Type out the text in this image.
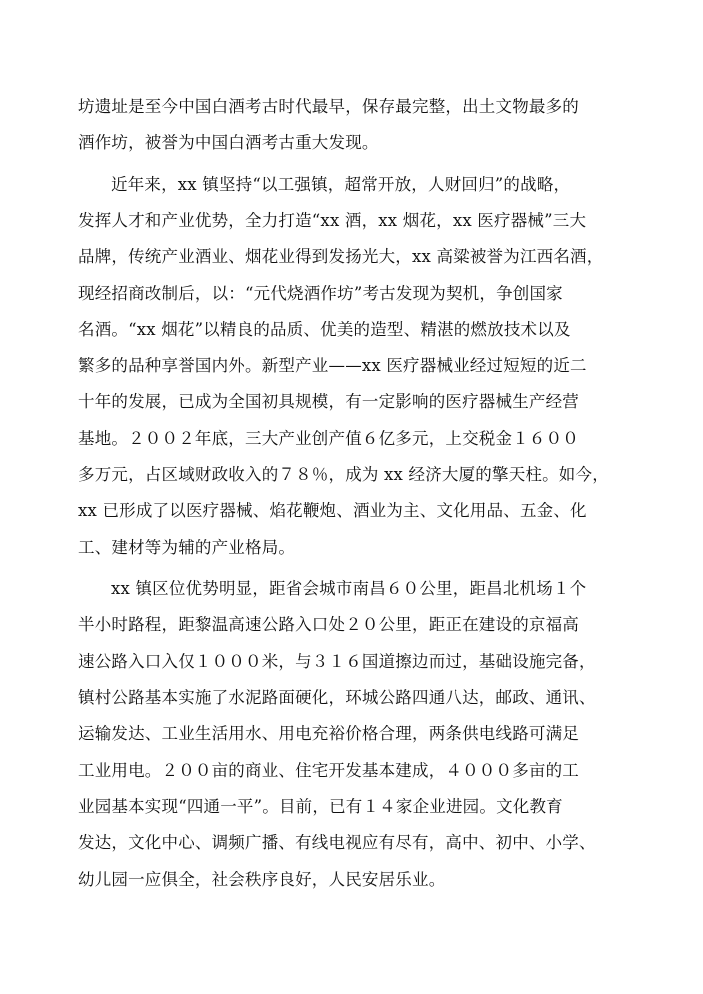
坊遗址是至今中国白酒考古时代最早，保存最完整，出土文物最多的
酒作坊，被誉为中国白酒考古重大发现。
近年来，xx 镇坚持“以工强镇，超常开放，人财回归”的战略，
发挥人才和产业优势，全力打造“xx 酒，xx 烟花，xx 医疗器械”三大
品牌，传统产业酒业、烟花业得到发扬光大，xx 高粱被誉为江西名酒，
现经招商改制后，以：“元代烧酒作坊”考古发现为契机，争创国家
名酒。“xx 烟花”以精良的品质、优美的造型、精湛的燃放技术以及
繁多的品种享誉国内外。新型产业——xx 医疗器械业经过短短的近二
十年的发展，已成为全国初具规模，有一定影响的医疗器械生产经营
基地。２００２年底，三大产业创产值６亿多元，上交税金１６００
多万元，占区域财政收入的７８％，成为 xx 经济大厦的擎天柱。如今，
xx 已形成了以医疗器械、焰花鞭炮、酒业为主、文化用品、五金、化
工、建材等为辅的产业格局。
xx 镇区位优势明显，距省会城市南昌６０公里，距昌北机场１个
半小时路程，距黎温高速公路入口处２０公里，距正在建设的京福高
速公路入口入仅１０００米，与３１６国道擦边而过，基础设施完备，
镇村公路基本实施了水泥路面硬化，环城公路四通八达，邮政、通讯、
运输发达、工业生活用水、用电充裕价格合理，两条供电线路可满足
工业用电。２００亩的商业、住宅开发基本建成，４０００多亩的工
业园基本实现“四通一平”。目前，已有１４家企业进园。文化教育
发达，文化中心、调频广播、有线电视应有尽有，高中、初中、小学、
幼儿园一应俱全，社会秩序良好，人民安居乐业。
